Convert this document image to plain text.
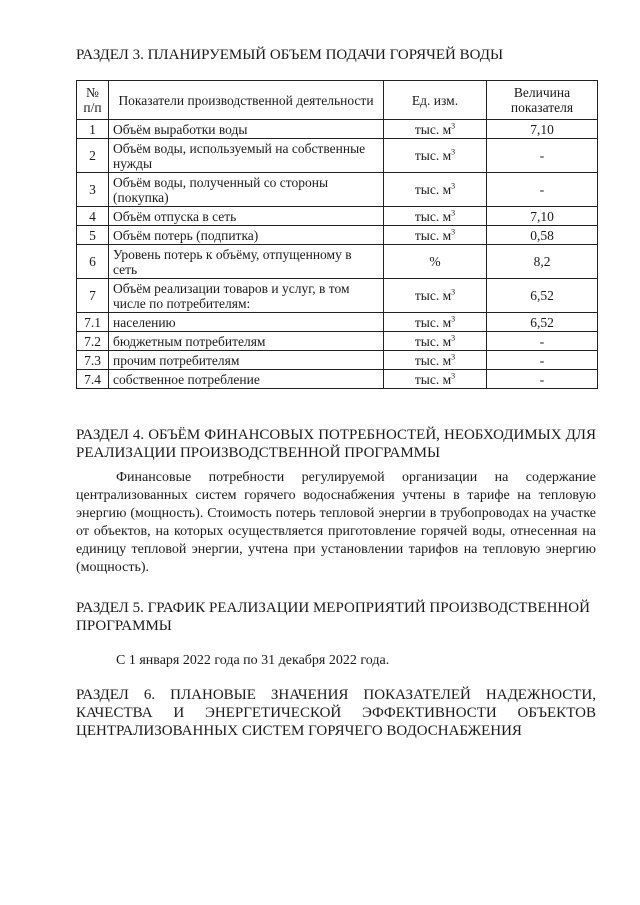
РАЗДЕЛ 3. ПЛАНИРУЕМЫЙ ОБЪЕМ ПОДАЧИ ГОРЯЧЕЙ ВОДЫ
№ п/п	Показатели производственной деятельности	Ед. изм.	Величина показателя
1	Объём выработки воды	тыс. $м^3$	7,10
2	Объём воды, используемый на собственные нужды	тыс. $м^3$	-
3	Объём воды, полученный со стороны (покупка)	тыс. $м^3$	-
4	Объём отпуска в сеть	тыс. $м^3$	7,10
5	Объём потерь (подпитка)	тыс. $м^3$	0,58
6	Уровень потерь к объёму, отпущенному в сеть	%	8,2
7	Объём реализации товаров и услуг, в том числе по потребителям:	тыс. $м^3$	6,52
7.1	населению	тыс. $м^3$	6,52
7.2	бюджетным потребителям	тыс. $м^3$	-
7.3	прочим потребителям	тыс. $м^3$	-
7.4	собственное потребление	тыс. $м^3$	-
РАЗДЕЛ 4. ОБЪЁМ ФИНАНСОВЫХ ПОТРЕБНОСТЕЙ, НЕОБХОДИМЫХ ДЛЯ РЕАЛИЗАЦИИ ПРОИЗВОДСТВЕННОЙ ПРОГРАММЫ
Финансовые потребности регулируемой организации на содержание централизованных систем горячего водоснабжения учтены в тарифе на тепловую энергию (мощность). Стоимость потерь тепловой энергии в трубопроводах на участке от объектов, на которых осуществляется приготовление горячей воды, отнесенная на единицу тепловой энергии, учтена при установлении тарифов на тепловую энергию (мощность).
РАЗДЕЛ 5. ГРАФИК РЕАЛИЗАЦИИ МЕРОПРИЯТИЙ ПРОИЗВОДСТВЕННОЙ ПРОГРАММЫ
С 1 января 2022 года по 31 декабря 2022 года.
РАЗДЕЛ 6. ПЛАНОВЫЕ ЗНАЧЕНИЯ ПОКАЗАТЕЛЕЙ НАДЕЖНОСТИ, КАЧЕСТВА И ЭНЕРГЕТИЧЕСКОЙ ЭФФЕКТИВНОСТИ ОБЪЕКТОВ ЦЕНТРАЛИЗОВАННЫХ СИСТЕМ ГОРЯЧЕГО ВОДОСНАБЖЕНИЯ
